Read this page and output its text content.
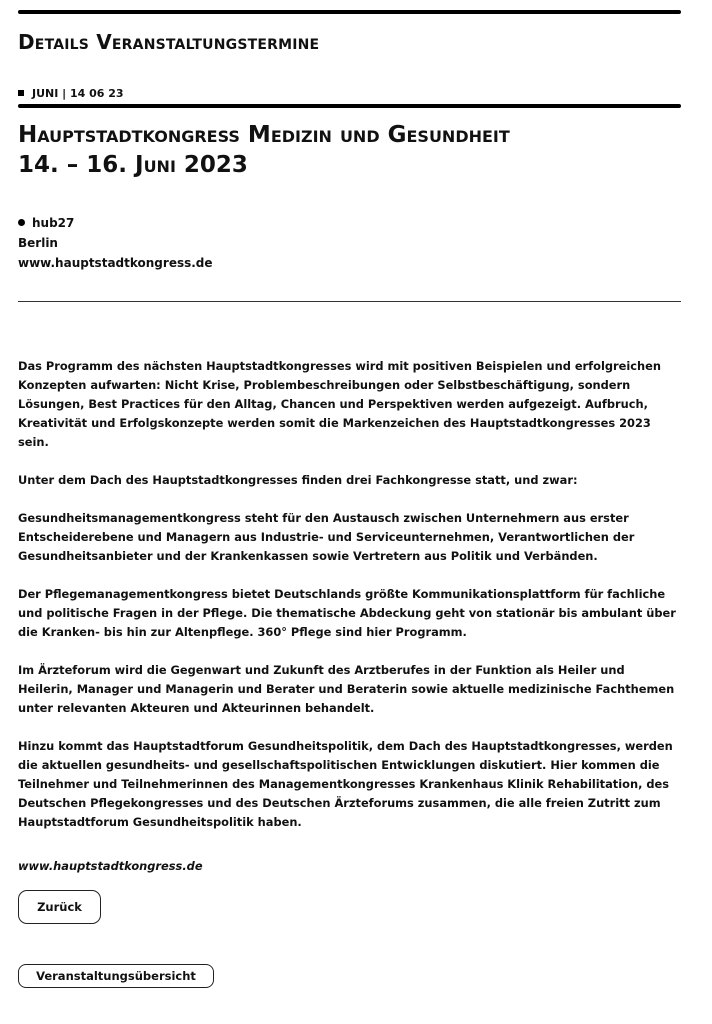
Details Veranstaltungstermine
JUNI | 14 06 23
Hauptstadtkongress Medizin und Gesundheit
14. – 16. Juni 2023
hub27
Berlin
www.hauptstadtkongress.de

Das Programm des nächsten Hauptstadtkongresses wird mit positiven Beispielen und erfolgreichen Konzepten aufwarten: Nicht Krise, Problembeschreibungen oder Selbstbeschäftigung, sondern Lösungen, Best Practices für den Alltag, Chancen und Perspektiven werden aufgezeigt. Aufbruch, Kreativität und Erfolgskonzepte werden somit die Markenzeichen des Hauptstadtkongresses 2023 sein.

Unter dem Dach des Hauptstadtkongresses finden drei Fachkongresse statt, und zwar:

Gesundheitsmanagementkongress steht für den Austausch zwischen Unternehmern aus erster Entscheiderebene und Managern aus Industrie- und Serviceunternehmen, Verantwortlichen der Gesundheitsanbieter und der Krankenkassen sowie Vertretern aus Politik und Verbänden.

Der Pflegemanagementkongress bietet Deutschlands größte Kommunikationsplattform für fachliche und politische Fragen in der Pflege. Die thematische Abdeckung geht von stationär bis ambulant über die Kranken- bis hin zur Altenpflege. 360° Pflege sind hier Programm.

Im Ärzteforum wird die Gegenwart und Zukunft des Arztberufes in der Funktion als Heiler und Heilerin, Manager und Managerin und Berater und Beraterin sowie aktuelle medizinische Fachthemen unter relevanten Akteuren und Akteurinnen behandelt.

Hinzu kommt das Hauptstadtforum Gesundheitspolitik, dem Dach des Hauptstadtkongresses, werden die aktuellen gesundheits- und gesellschaftspolitischen Entwicklungen diskutiert. Hier kommen die Teilnehmer und Teilnehmerinnen des Managementkongresses Krankenhaus Klinik Rehabilitation, des Deutschen Pflegekongresses und des Deutschen Ärzteforums zusammen, die alle freien Zutritt zum Hauptstadtforum Gesundheitspolitik haben.

www.hauptstadtkongress.de

Zurück
Veranstaltungsübersicht
